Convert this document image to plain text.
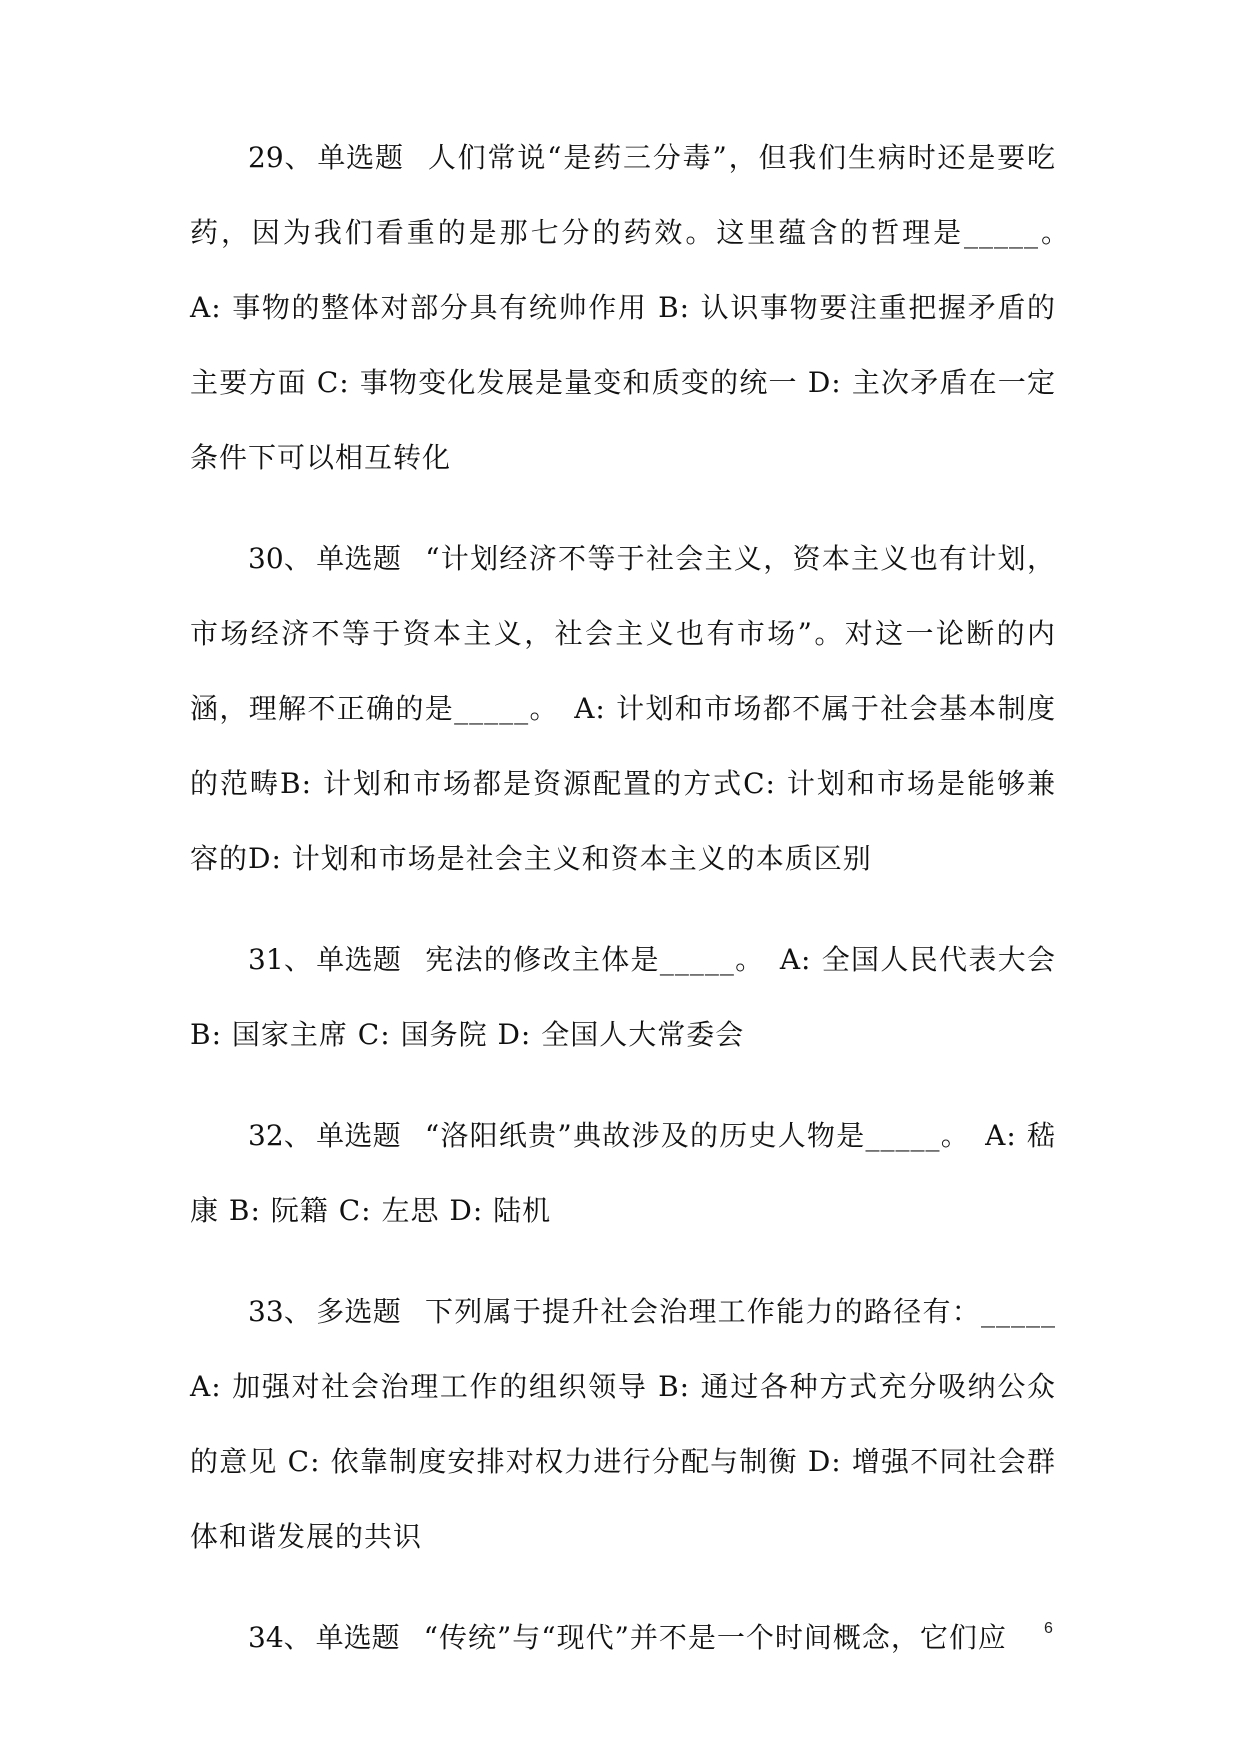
29、 单选题 人们常说“是药三分毒”，但我们生病时还是要吃药，因为我们看重的是那七分的药效。这里蕴含的哲理是_____。　A: 事物的整体对部分具有统帅作用 B: 认识事物要注重把握矛盾的主要方面 C: 事物变化发展是量变和质变的统一 D: 主次矛盾在一定条件下可以相互转化

30、 单选题 “计划经济不等于社会主义，资本主义也有计划，市场经济不等于资本主义，社会主义也有市场”。对这一论断的内涵，理解不正确的是_____。　A: 计划和市场都不属于社会基本制度的范畴B: 计划和市场都是资源配置的方式C: 计划和市场是能够兼容的D: 计划和市场是社会主义和资本主义的本质区别

31、 单选题 宪法的修改主体是_____。　A: 全国人民代表大会 B: 国家主席 C: 国务院 D: 全国人大常委会

32、 单选题 “洛阳纸贵”典故涉及的历史人物是_____。　A: 嵇康 B: 阮籍 C: 左思 D: 陆机

33、 多选题 下列属于提升社会治理工作能力的路径有：_____　A: 加强对社会治理工作的组织领导 B: 通过各种方式充分吸纳公众的意见 C: 依靠制度安排对权力进行分配与制衡 D: 增强不同社会群体和谐发展的共识

34、 单选题 “传统”与“现代”并不是一个时间概念，它们应	6
